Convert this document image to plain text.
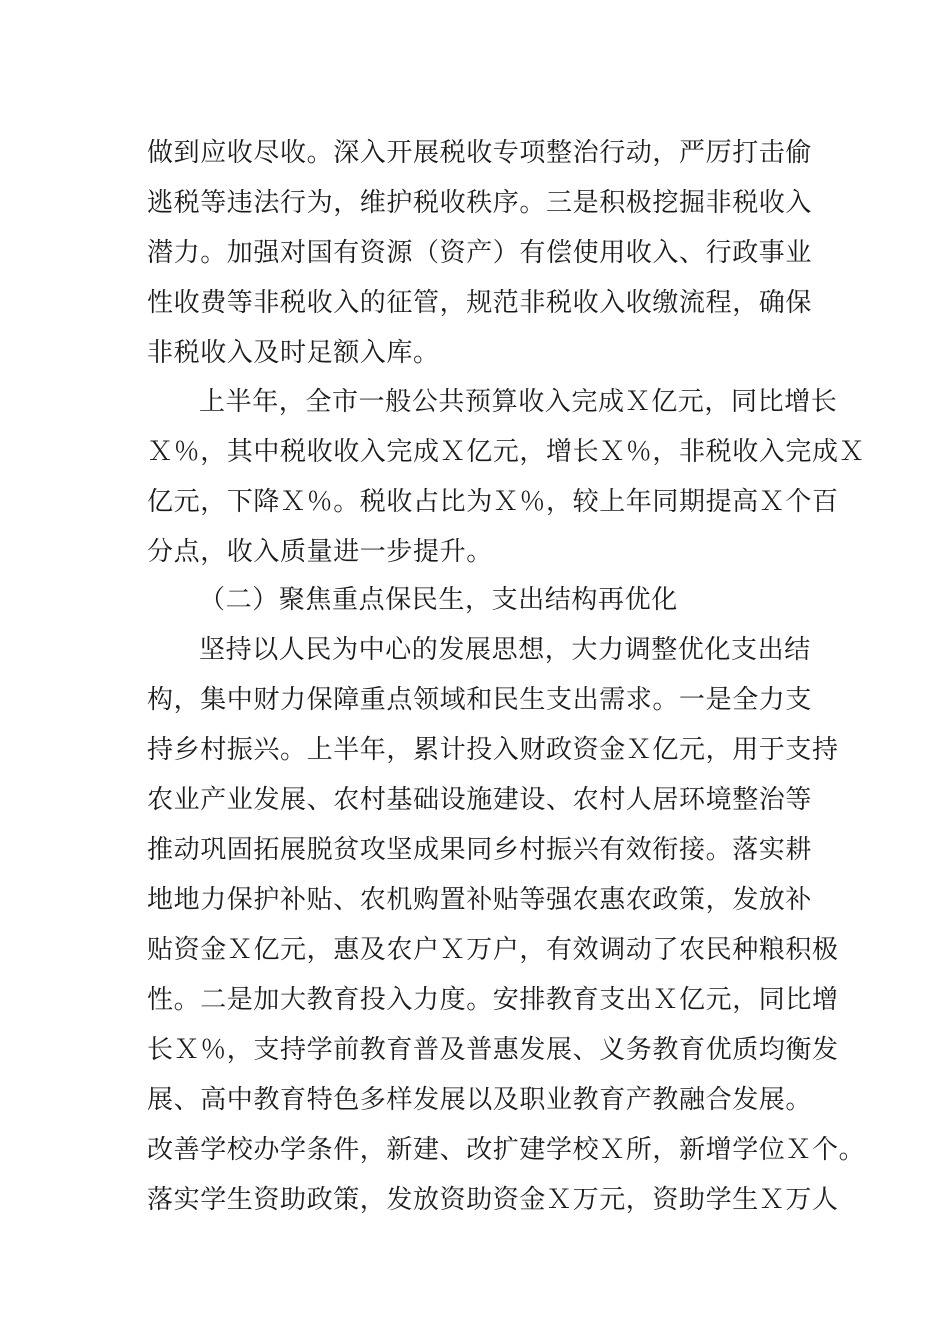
做到应收尽收。深入开展税收专项整治行动，严厉打击偷
逃税等违法行为，维护税收秩序。三是积极挖掘非税收入
潜力。加强对国有资源（资产）有偿使用收入、行政事业
性收费等非税收入的征管，规范非税收入收缴流程，确保
非税收入及时足额入库。
上半年，全市一般公共预算收入完成Ｘ亿元，同比增长
Ｘ％，其中税收收入完成Ｘ亿元，增长Ｘ％，非税收入完成Ｘ
亿元，下降Ｘ％。税收占比为Ｘ％，较上年同期提高Ｘ个百
分点，收入质量进一步提升。
（二）聚焦重点保民生，支出结构再优化
坚持以人民为中心的发展思想，大力调整优化支出结
构，集中财力保障重点领域和民生支出需求。一是全力支
持乡村振兴。上半年，累计投入财政资金Ｘ亿元，用于支持
农业产业发展、农村基础设施建设、农村人居环境整治等
推动巩固拓展脱贫攻坚成果同乡村振兴有效衔接。落实耕
地地力保护补贴、农机购置补贴等强农惠农政策，发放补
贴资金Ｘ亿元，惠及农户Ｘ万户，有效调动了农民种粮积极
性。二是加大教育投入力度。安排教育支出Ｘ亿元，同比增
长Ｘ％，支持学前教育普及普惠发展、义务教育优质均衡发
展、高中教育特色多样发展以及职业教育产教融合发展。
改善学校办学条件，新建、改扩建学校Ｘ所，新增学位Ｘ个。
落实学生资助政策，发放资助资金Ｘ万元，资助学生Ｘ万人
